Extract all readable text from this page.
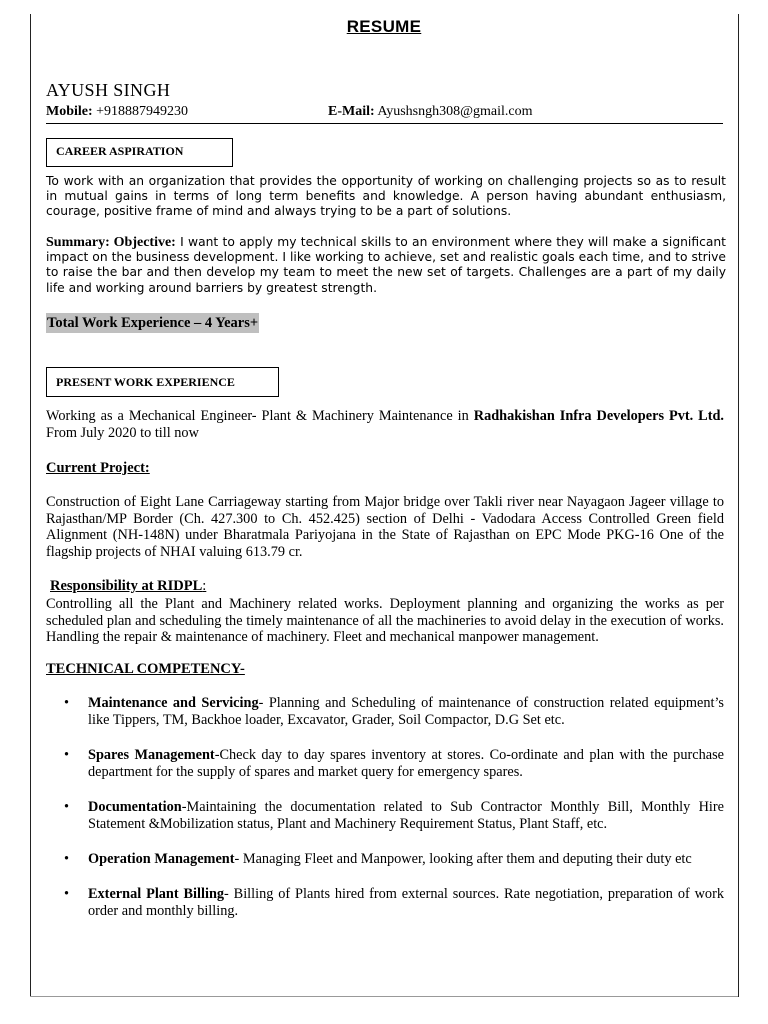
RESUME
AYUSH SINGH
Mobile: +918887949230	E-Mail: Ayushsngh308@gmail.com
CAREER ASPIRATION
To work with an organization that provides the opportunity of working on challenging projects so as to result in mutual gains in terms of long term benefits and knowledge. A person having abundant enthusiasm, courage, positive frame of mind and always trying to be a part of solutions.
Summary: Objective: I want to apply my technical skills to an environment where they will make a significant impact on the business development. I like working to achieve, set and realistic goals each time, and to strive to raise the bar and then develop my team to meet the new set of targets. Challenges are a part of my daily life and working around barriers by greatest strength.
Total Work Experience – 4 Years+
PRESENT WORK EXPERIENCE
Working as a Mechanical Engineer- Plant & Machinery Maintenance in Radhakishan Infra Developers Pvt. Ltd. From July 2020 to till now
Current Project:
Construction of Eight Lane Carriageway starting from Major bridge over Takli river near Nayagaon Jageer village to Rajasthan/MP Border (Ch. 427.300 to Ch. 452.425) section of Delhi - Vadodara Access Controlled Green field Alignment (NH-148N) under Bharatmala Pariyojana in the State of Rajasthan on EPC Mode PKG-16 One of the flagship projects of NHAI valuing 613.79 cr.
Responsibility at RIDPL:
Controlling all the Plant and Machinery related works. Deployment planning and organizing the works as per scheduled plan and scheduling the timely maintenance of all the machineries to avoid delay in the execution of works. Handling the repair & maintenance of machinery. Fleet and mechanical manpower management.
TECHNICAL COMPETENCY-
• Maintenance and Servicing- Planning and Scheduling of maintenance of construction related equipment’s like Tippers, TM, Backhoe loader, Excavator, Grader, Soil Compactor, D.G Set etc.
• Spares Management-Check day to day spares inventory at stores. Co-ordinate and plan with the purchase department for the supply of spares and market query for emergency spares.
• Documentation-Maintaining the documentation related to Sub Contractor Monthly Bill, Monthly Hire Statement &Mobilization status, Plant and Machinery Requirement Status, Plant Staff, etc.
• Operation Management- Managing Fleet and Manpower, looking after them and deputing their duty etc
• External Plant Billing- Billing of Plants hired from external sources. Rate negotiation, preparation of work order and monthly billing.
